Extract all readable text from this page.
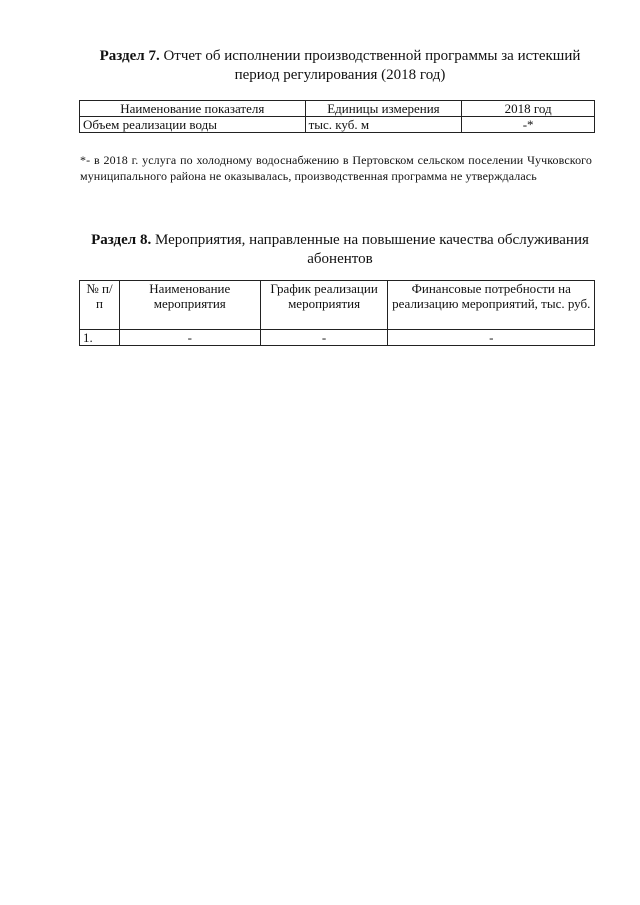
Раздел 7. Отчет об исполнении производственной программы за истекший период регулирования (2018 год)
Наименование показателя	Единицы измерения	2018 год
Объем реализации воды	тыс. куб. м	-*
*- в 2018 г. услуга по холодному водоснабжению в Пертовском сельском поселении Чучковского муниципального района не оказывалась, производственная программа не утверждалась
Раздел 8. Мероприятия, направленные на повышение качества обслуживания абонентов
№ п/п	Наименование мероприятия	График реализации мероприятия	Финансовые потребности на реализацию мероприятий, тыс. руб.
1.	-	-	-
